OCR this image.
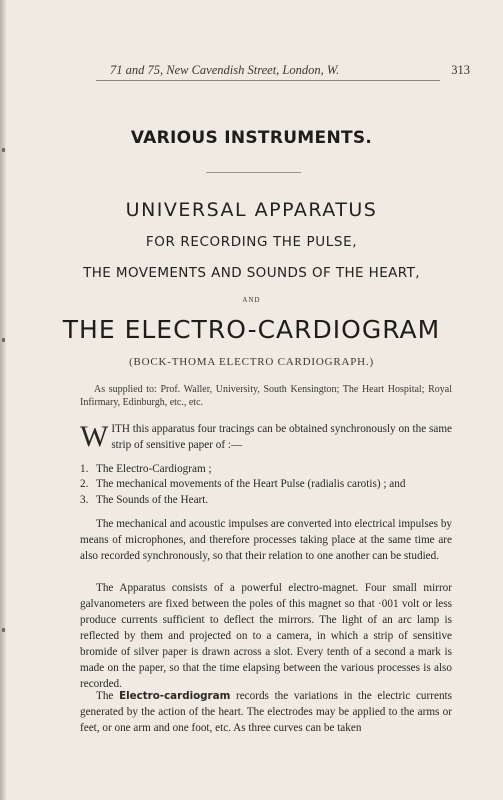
71 and 75, New Cavendish Street, London, W.	313
VARIOUS INSTRUMENTS.
UNIVERSAL APPARATUS
FOR RECORDING THE PULSE,
THE MOVEMENTS AND SOUNDS OF THE HEART,
AND
THE ELECTRO-CARDIOGRAM
(BOCK-THOMA ELECTRO CARDIOGRAPH.)
As supplied to: Prof. Waller, University, South Kensington; The Heart Hospital; Royal Infirmary, Edinburgh, etc., etc.

WITH this apparatus four tracings can be obtained synchronously on the same strip of sensitive paper of :—

1. The Electro-Cardiogram ;
2. The mechanical movements of the Heart Pulse (radialis carotis) ; and
3. The Sounds of the Heart.

The mechanical and acoustic impulses are converted into electrical impulses by means of microphones, and therefore processes taking place at the same time are also recorded synchronously, so that their relation to one another can be studied.

The Apparatus consists of a powerful electro-magnet. Four small mirror galvanometers are fixed between the poles of this magnet so that ·001 volt or less produce currents sufficient to deflect the mirrors. The light of an arc lamp is reflected by them and projected on to a camera, in which a strip of sensitive bromide of silver paper is drawn across a slot. Every tenth of a second a mark is made on the paper, so that the time elapsing between the various processes is also recorded.

The Electro-cardiogram records the variations in the electric currents generated by the action of the heart. The electrodes may be applied to the arms or feet, or one arm and one foot, etc. As three curves can be taken
